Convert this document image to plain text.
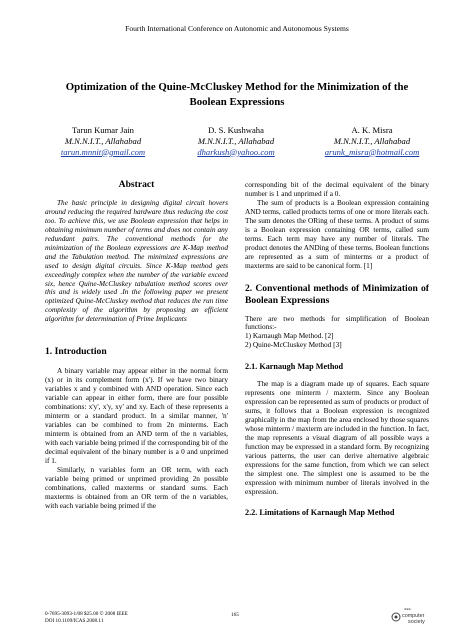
Fourth International Conference on Autonomic and Autonomous Systems
Optimization of the Quine-McCluskey Method for the Minimization of the
Boolean Expressions
Tarun Kumar Jain
M.N.N.I.T., Allahabad
tarun.mnnit@gmail.com
D. S. Kushwaha
M.N.N.I.T., Allahabad
dharkush@yahoo.com
A. K. Misra
M.N.N.I.T., Allahabad
arunk_misra@hotmail.com
Abstract

The basic principle in designing digital circuit hovers around reducing the required hardware thus reducing the cost too. To achieve this, we use Boolean expression that helps in obtaining minimum number of terms and does not contain any redundant pairs. The conventional methods for the minimization of the Boolean expressions are K-Map method and the Tabulation method. The minimized expressions are used to design digital circuits. Since K-Map method gets exceedingly complex when the number of the variable exceed six, hence Quine-McCluskey tabulation method scores over this and is widely used .In the following paper we present optimized Quine-McCluskey method that reduces the run time complexity of the algorithm by proposing an efficient algorithm for determination of Prime Implicants

1. Introduction

A binary variable may appear either in the normal form (x) or in its complement form (x'). If we have two binary variables x and y combined with AND operation. Since each variable can appear in either form, there are four possible combinations: x'y', x'y, xy' and xy. Each of these represents a minterm or a standard product. In a similar manner, 'n' variables can be combined to from 2n minterms. Each minterm is obtained from an AND term of the n variables, with each variable being primed if the corresponding bit of the decimal equivalent of the binary number is a 0 and unprimed if 1.

Similarly, n variables form an OR term, with each variable being primed or unprimed providing 2n possible combinations, called maxterms or standard sums. Each maxterms is obtained from an OR term of the n variables, with each variable being primed if the

corresponding bit of the decimal equivalent of the binary number is 1 and unprimed if a 0.

The sum of products is a Boolean expression containing AND terms, called products terms of one or more literals each. The sum denotes the ORing of these terms. A product of sums is a Boolean expression containing OR terms, called sum terms. Each term may have any number of literals. The product denotes the ANDing of these terms. Boolean functions are represented as a sum of minterms or a product of maxterms are said to be canonical form. [1]

2. Conventional methods of Minimization of Boolean Expressions

There are two methods for simplification of Boolean functions:-

1) Karnaugh Map Method. [2]

2) Quine-McCluskey Method [3]

2.1. Karnaugh Map Method

The map is a diagram made up of squares. Each square represents one minterm / maxterm. Since any Boolean expression can be represented as sum of products or product of sums, it follows that a Boolean expression is recognized graphically in the map from the area enclosed by those squares whose minterm / maxterm are included in the function. In fact, the map represents a visual diagram of all possible ways a function may be expressed in a standard form. By recognizing various patterns, the user can derive alternative algebraic expressions for the same function, from which we can select the simplest one. The simplest one is assumed to be the expression with minimum number of literals involved in the expression.

2.2. Limitations of Karnaugh Map Method
0-7695-3093-1/08 $25.00 © 2008 IEEE
DOI 10.1109/ICAS.2008.11
165
IEEE
computer
society
